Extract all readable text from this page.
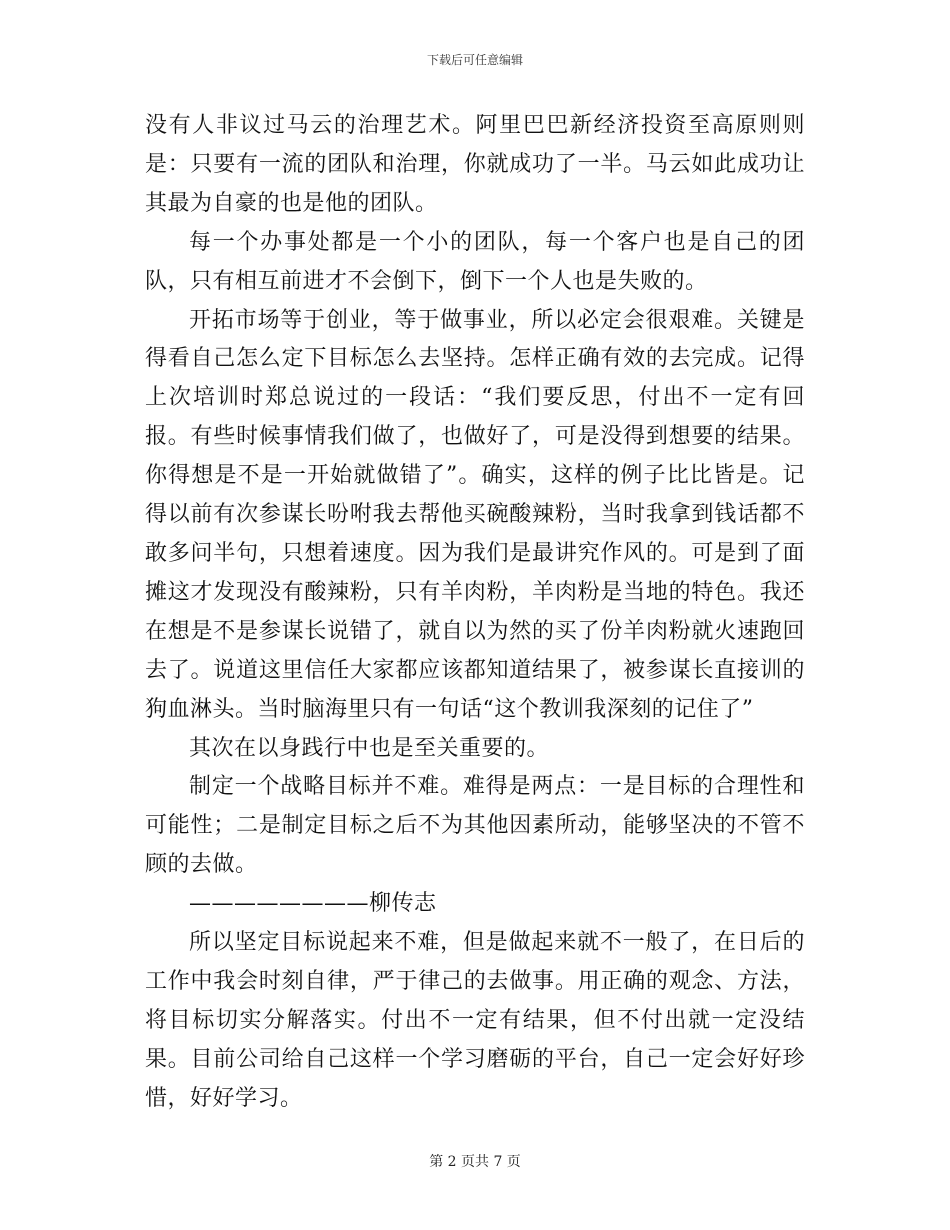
下载后可任意编辑

没有人非议过马云的治理艺术。阿里巴巴新经济投资至高原则则是：只要有一流的团队和治理，你就成功了一半。马云如此成功让其最为自豪的也是他的团队。

每一个办事处都是一个小的团队，每一个客户也是自己的团队，只有相互前进才不会倒下，倒下一个人也是失败的。

开拓市场等于创业，等于做事业，所以必定会很艰难。关键是得看自己怎么定下目标怎么去坚持。怎样正确有效的去完成。记得上次培训时郑总说过的一段话：“我们要反思，付出不一定有回报。有些时候事情我们做了，也做好了，可是没得到想要的结果。你得想是不是一开始就做错了”。确实，这样的例子比比皆是。记得以前有次参谋长吩咐我去帮他买碗酸辣粉，当时我拿到钱话都不敢多问半句，只想着速度。因为我们是最讲究作风的。可是到了面摊这才发现没有酸辣粉，只有羊肉粉，羊肉粉是当地的特色。我还在想是不是参谋长说错了，就自以为然的买了份羊肉粉就火速跑回去了。说道这里信任大家都应该都知道结果了，被参谋长直接训的狗血淋头。当时脑海里只有一句话“这个教训我深刻的记住了”

其次在以身践行中也是至关重要的。

制定一个战略目标并不难。难得是两点：一是目标的合理性和可能性；二是制定目标之后不为其他因素所动，能够坚决的不管不顾的去做。

————————柳传志

所以坚定目标说起来不难，但是做起来就不一般了，在日后的工作中我会时刻自律，严于律己的去做事。用正确的观念、方法，将目标切实分解落实。付出不一定有结果，但不付出就一定没结果。目前公司给自己这样一个学习磨砺的平台，自己一定会好好珍惜，好好学习。

第 2 页共 7 页
